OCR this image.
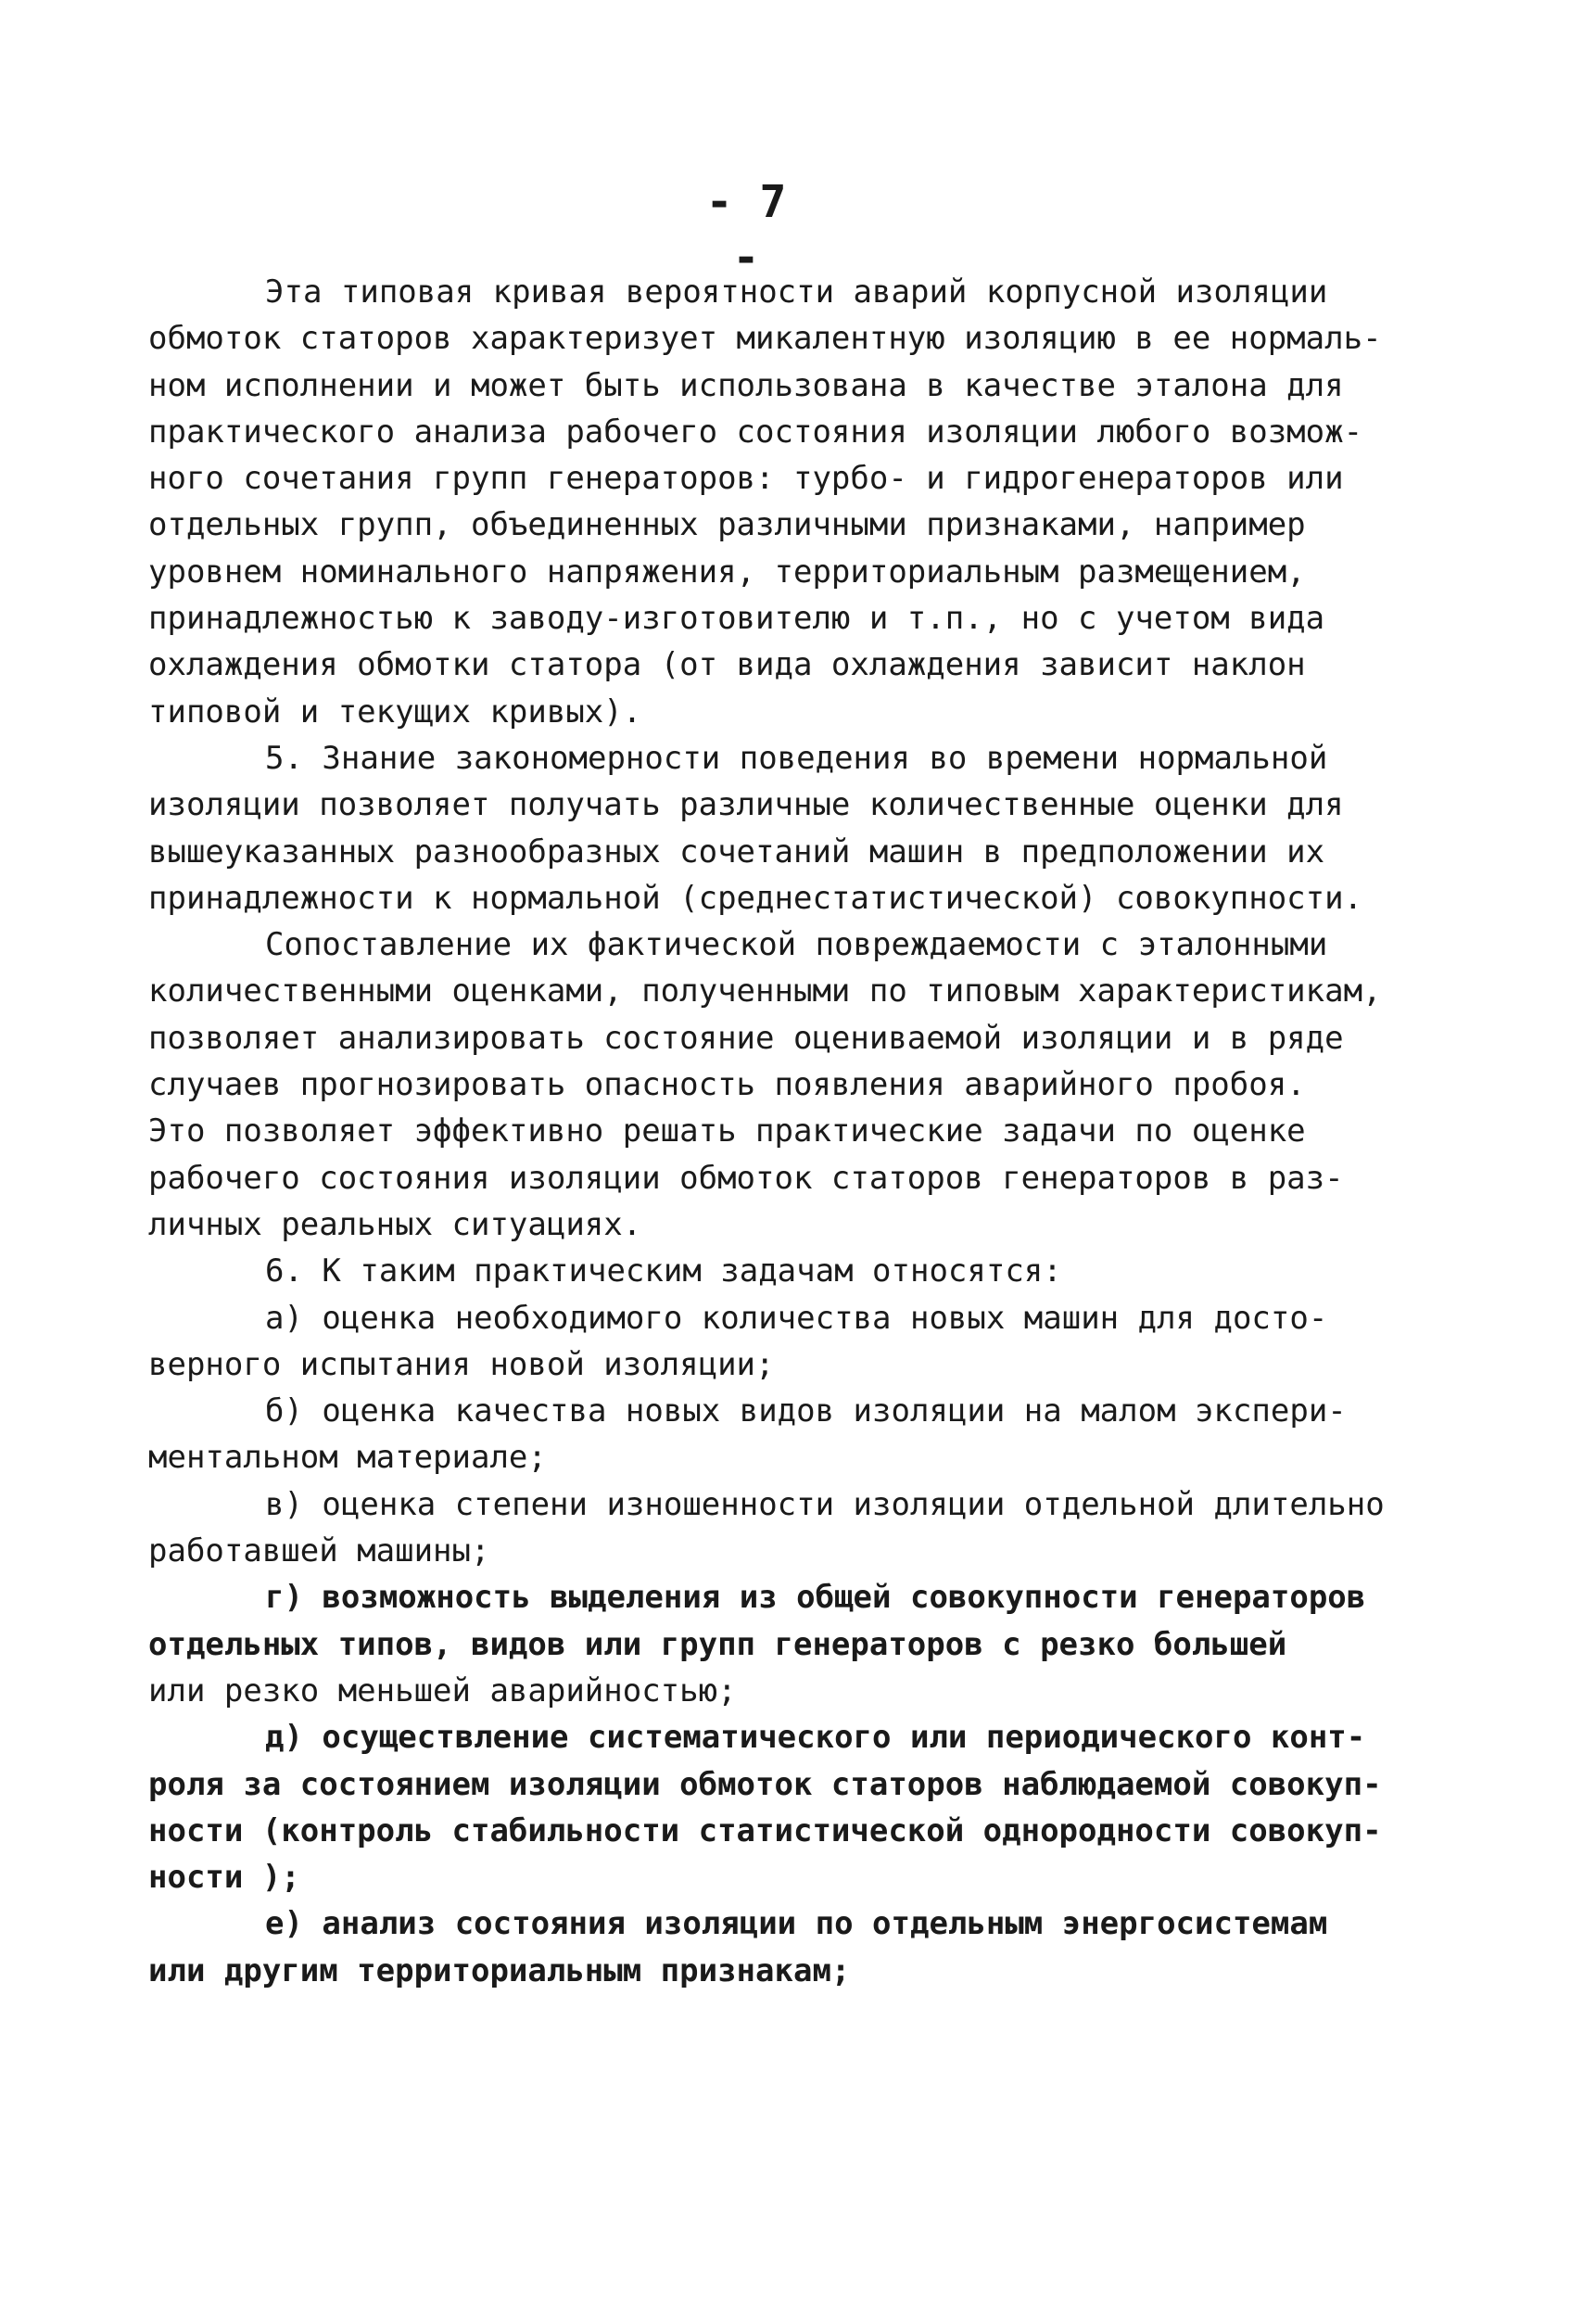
- 7 -
Эта типовая кривая вероятности аварий корпусной изоляции
обмоток статоров характеризует микалентную изоляцию в ее нормаль-
ном исполнении и может быть использована в качестве эталона для
практического анализа рабочего состояния изоляции любого возмож-
ного сочетания групп генераторов: турбо- и гидрогенераторов или
отдельных групп, объединенных различными признаками, например
уровнем номинального напряжения, территориальным размещением,
принадлежностью к заводу-изготовителю и т.п., но с учетом вида
охлаждения обмотки статора (от вида охлаждения зависит наклон
типовой и текущих кривых).
5. Знание закономерности поведения во времени нормальной
изоляции позволяет получать различные количественные оценки для
вышеуказанных разнообразных сочетаний машин в предположении их
принадлежности к нормальной (среднестатистической) совокупности.
Сопоставление их фактической повреждаемости с эталонными
количественными оценками, полученными по типовым характеристикам,
позволяет анализировать состояние оцениваемой изоляции и в ряде
случаев прогнозировать опасность появления аварийного пробоя.
Это позволяет эффективно решать практические задачи по оценке
рабочего состояния изоляции обмоток статоров генераторов в раз-
личных реальных ситуациях.
6. К таким практическим задачам относятся:
а) оценка необходимого количества новых машин для досто-
верного испытания новой изоляции;
б) оценка качества новых видов изоляции на малом экспери-
ментальном материале;
в) оценка степени изношенности изоляции отдельной длительно
работавшей машины;
г) возможность выделения из общей совокупности генераторов
отдельных типов, видов или групп генераторов с резко большей
или резко меньшей аварийностью;
д) осуществление систематического или периодического конт-
роля за состоянием изоляции обмоток статоров наблюдаемой совокуп-
ности (контроль стабильности статистической однородности совокуп-
ности );
е) анализ состояния изоляции по отдельным энергосистемам
или другим территориальным признакам;
